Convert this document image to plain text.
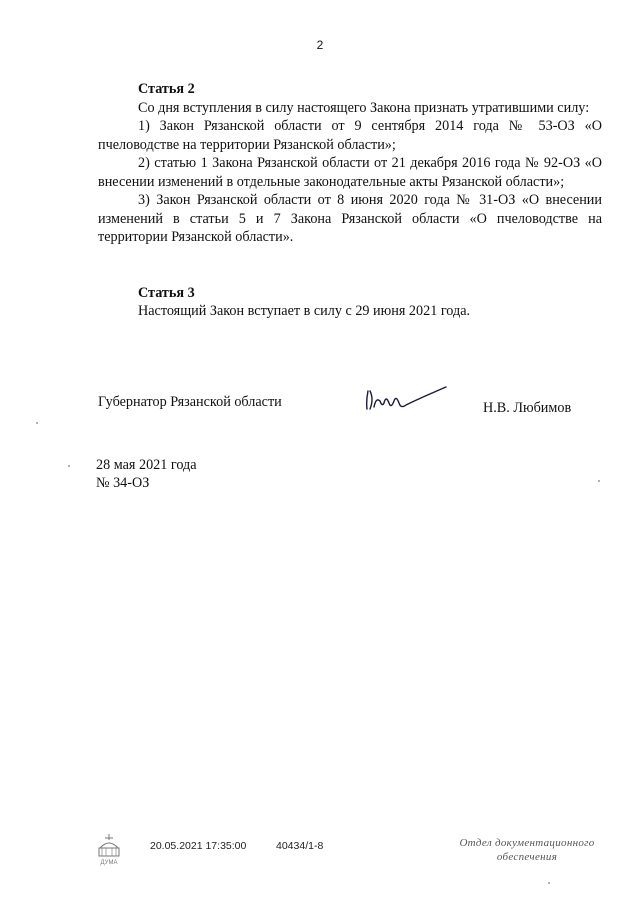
2
Статья 2

Со дня вступления в силу настоящего Закона признать утратившими силу:

1) Закон Рязанской области от 9 сентября 2014 года № 53-ОЗ «О пчеловодстве на территории Рязанской области»;

2) статью 1 Закона Рязанской области от 21 декабря 2016 года № 92-ОЗ «О внесении изменений в отдельные законодательные акты Рязанской области»;

3) Закон Рязанской области от 8 июня 2020 года № 31-ОЗ «О внесении изменений в статьи 5 и 7 Закона Рязанской области «О пчеловодстве на территории Рязанской области».

Статья 3

Настоящий Закон вступает в силу с 29 июня 2021 года.

Губернатор Рязанской области	Н.В. Любимов
28 мая 2021 года
№ 34-ОЗ
ДУМА
20.05.2021 17:35:00	40434/1-8	Отдел документационного
обеспечения
